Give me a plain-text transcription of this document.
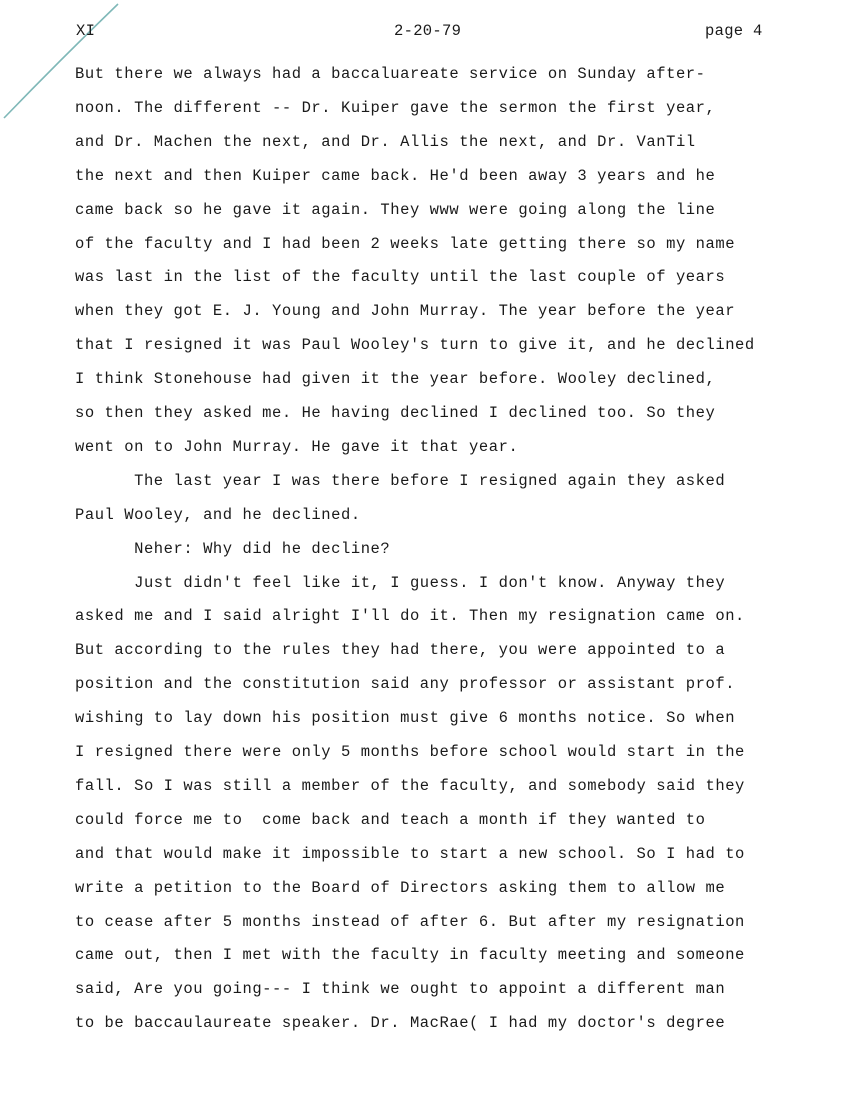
XI	2-20-79	page 4
But there we always had a baccaluareate service on Sunday after-
noon. The different -- Dr. Kuiper gave the sermon the first year,
and Dr. Machen the next, and Dr. Allis the next, and Dr. VanTil
the next and then Kuiper came back. He'd been away 3 years and he
came back so he gave it again. They www were going along the line
of the faculty and I had been 2 weeks late getting there so my name
was last in the list of the faculty until the last couple of years
when they got E. J. Young and John Murray. The year before the year
that I resigned it was Paul Wooley's turn to give it, and he declined
I think Stonehouse had given it the year before. Wooley declined,
so then they asked me. He having declined I declined too. So they
went on to John Murray. He gave it that year.
The last year I was there before I resigned again they asked
Paul Wooley, and he declined.
Neher: Why did he decline?
Just didn't feel like it, I guess. I don't know. Anyway they
asked me and I said alright I'll do it. Then my resignation came on.
But according to the rules they had there, you were appointed to a
position and the constitution said any professor or assistant prof.
wishing to lay down his position must give 6 months notice. So when
I resigned there were only 5 months before school would start in the
fall. So I was still a member of the faculty, and somebody said they
could force me to  come back and teach a month if they wanted to
and that would make it impossible to start a new school. So I had to
write a petition to the Board of Directors asking them to allow me
to cease after 5 months instead of after 6. But after my resignation
came out, then I met with the faculty in faculty meeting and someone
said, Are you going--- I think we ought to appoint a different man
to be baccaulaureate speaker. Dr. MacRae( I had my doctor's degree
